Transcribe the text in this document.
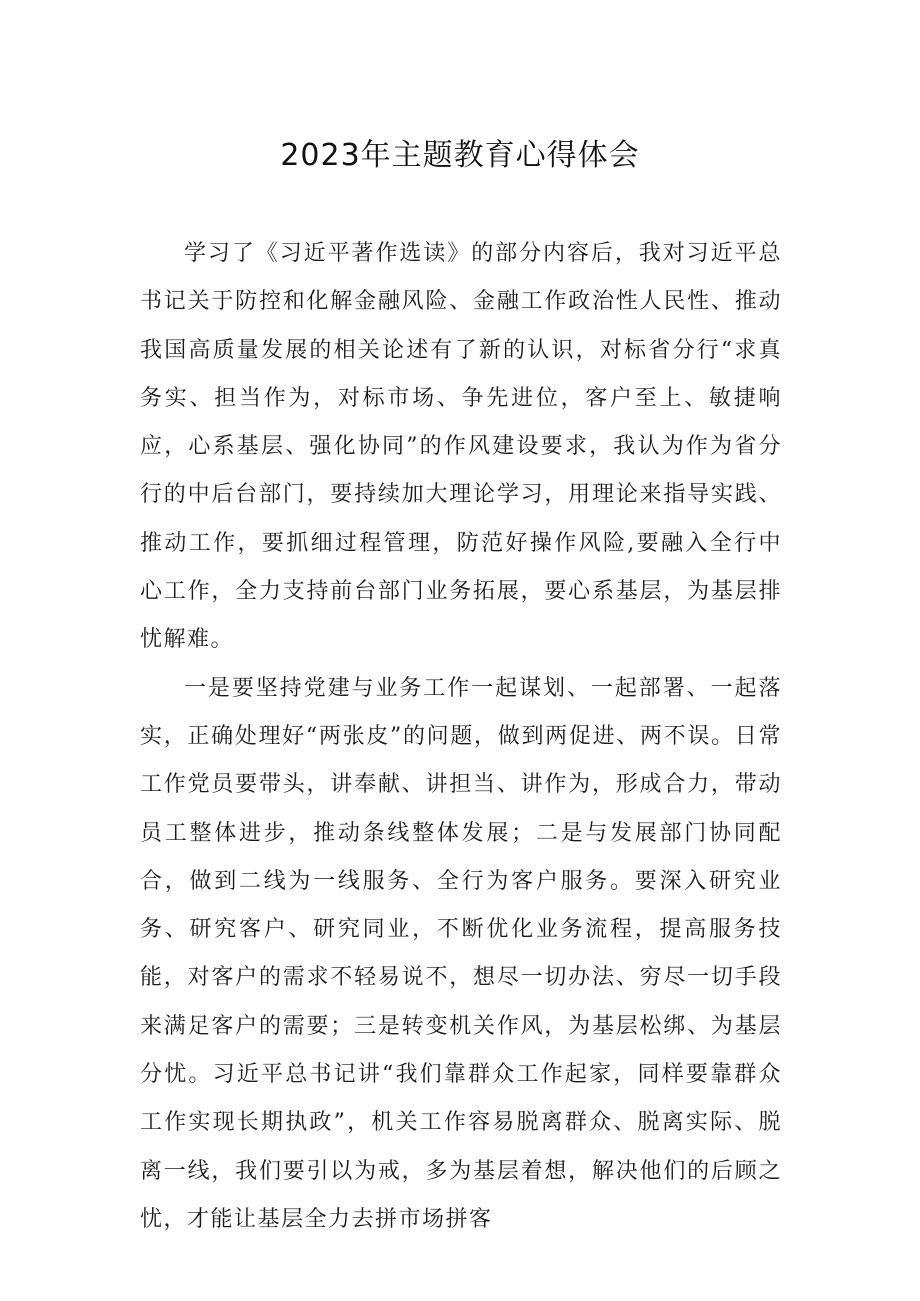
2023年主题教育心得体会

学习了《习近平著作选读》的部分内容后，我对习近平总书记关于防控和化解金融风险、金融工作政治性人民性、推动我国高质量发展的相关论述有了新的认识，对标省分行“求真务实、担当作为，对标市场、争先进位，客户至上、敏捷响应，心系基层、强化协同”的作风建设要求，我认为作为省分行的中后台部门，要持续加大理论学习，用理论来指导实践、推动工作，要抓细过程管理，防范好操作风险,要融入全行中心工作，全力支持前台部门业务拓展，要心系基层，为基层排忧解难。

一是要坚持党建与业务工作一起谋划、一起部署、一起落实，正确处理好“两张皮”的问题，做到两促进、两不误。日常工作党员要带头，讲奉献、讲担当、讲作为，形成合力，带动员工整体进步，推动条线整体发展；二是与发展部门协同配合，做到二线为一线服务、全行为客户服务。要深入研究业务、研究客户、研究同业，不断优化业务流程，提高服务技能，对客户的需求不轻易说不，想尽一切办法、穷尽一切手段来满足客户的需要；三是转变机关作风，为基层松绑、为基层分忧。习近平总书记讲“我们靠群众工作起家，同样要靠群众工作实现长期执政”，机关工作容易脱离群众、脱离实际、脱离一线，我们要引以为戒，多为基层着想，解决他们的后顾之忧，才能让基层全力去拼市场拼客
